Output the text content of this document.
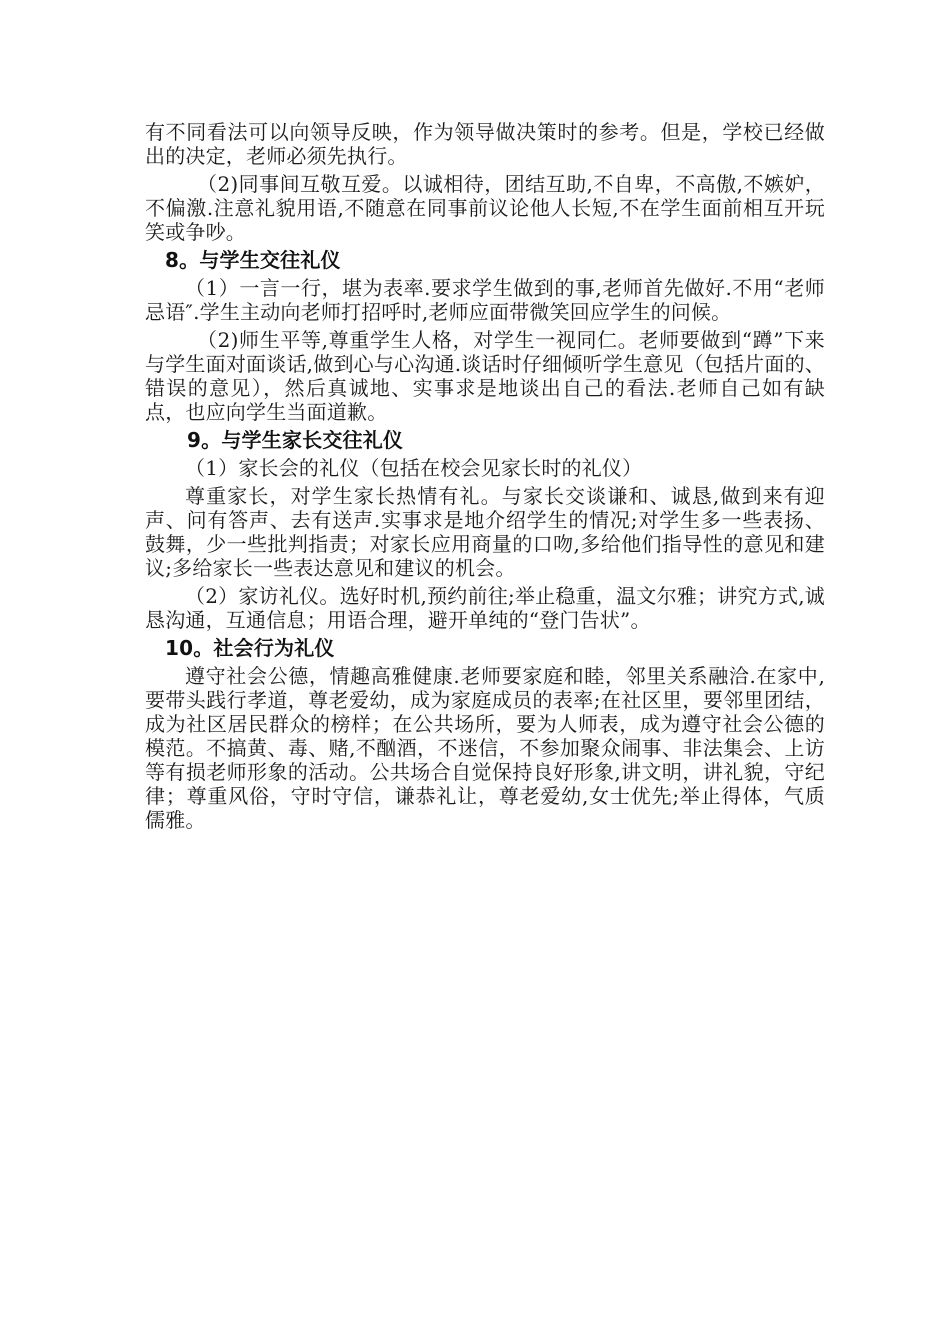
有不同看法可以向领导反映，作为领导做决策时的参考。但是，学校已经做出的决定，老师必须先执行。

（2)同事间互敬互爱。以诚相待，团结互助,不自卑，不高傲,不嫉妒，不偏激.注意礼貌用语,不随意在同事前议论他人长短,不在学生面前相互开玩笑或争吵。

8。与学生交往礼仪

（1）一言一行，堪为表率.要求学生做到的事,老师首先做好.不用“老师忌语″.学生主动向老师打招呼时,老师应面带微笑回应学生的问候。

（2)师生平等,尊重学生人格，对学生一视同仁。老师要做到“蹲”下来与学生面对面谈话,做到心与心沟通.谈话时仔细倾听学生意见（包括片面的、错误的意见），然后真诚地、实事求是地谈出自己的看法.老师自己如有缺点，也应向学生当面道歉。

9。与学生家长交往礼仪

（1）家长会的礼仪（包括在校会见家长时的礼仪）

尊重家长，对学生家长热情有礼。与家长交谈谦和、诚恳,做到来有迎声、问有答声、去有送声.实事求是地介绍学生的情况;对学生多一些表扬、鼓舞，少一些批判指责；对家长应用商量的口吻,多给他们指导性的意见和建议;多给家长一些表达意见和建议的机会。

（2）家访礼仪。选好时机,预约前往;举止稳重，温文尔雅；讲究方式,诚恳沟通，互通信息；用语合理，避开单纯的“登门告状”。

10。社会行为礼仪

遵守社会公德，情趣高雅健康.老师要家庭和睦，邻里关系融洽.在家中,要带头践行孝道，尊老爱幼，成为家庭成员的表率;在社区里，要邻里团结，成为社区居民群众的榜样；在公共场所，要为人师表，成为遵守社会公德的模范。不搞黄、毒、赌,不酗酒，不迷信，不参加聚众闹事、非法集会、上访等有损老师形象的活动。公共场合自觉保持良好形象,讲文明，讲礼貌，守纪律；尊重风俗，守时守信，谦恭礼让，尊老爱幼,女士优先;举止得体，气质儒雅。
